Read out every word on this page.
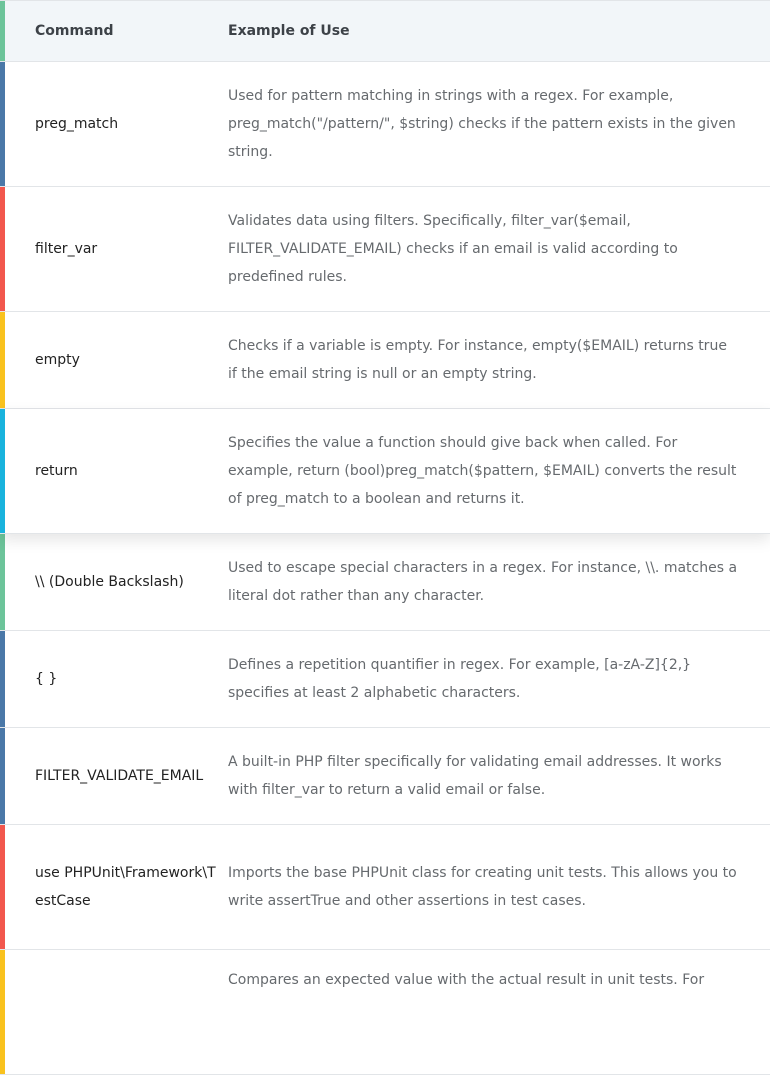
Command	Example of Use
preg_match
Used for pattern matching in strings with a regex. For example, preg_match("/pattern/", $string) checks if the pattern exists in the given string.
filter_var
Validates data using filters. Specifically, filter_var($email, FILTER_VALIDATE_EMAIL) checks if an email is valid according to predefined rules.
empty
Checks if a variable is empty. For instance, empty($EMAIL) returns true if the email string is null or an empty string.
return
Specifies the value a function should give back when called. For example, return (bool)preg_match($pattern, $EMAIL) converts the result of preg_match to a boolean and returns it.
\\ (Double Backslash)
Used to escape special characters in a regex. For instance, \\. matches a literal dot rather than any character.
{ }
Defines a repetition quantifier in regex. For example, [a-zA-Z]{2,} specifies at least 2 alphabetic characters.
FILTER_VALIDATE_EMAIL
A built-in PHP filter specifically for validating email addresses. It works with filter_var to return a valid email or false.
use PHPUnit\Framework\TestCase
Imports the base PHPUnit class for creating unit tests. This allows you to write assertTrue and other assertions in test cases.
Compares an expected value with the actual result in unit tests. For
